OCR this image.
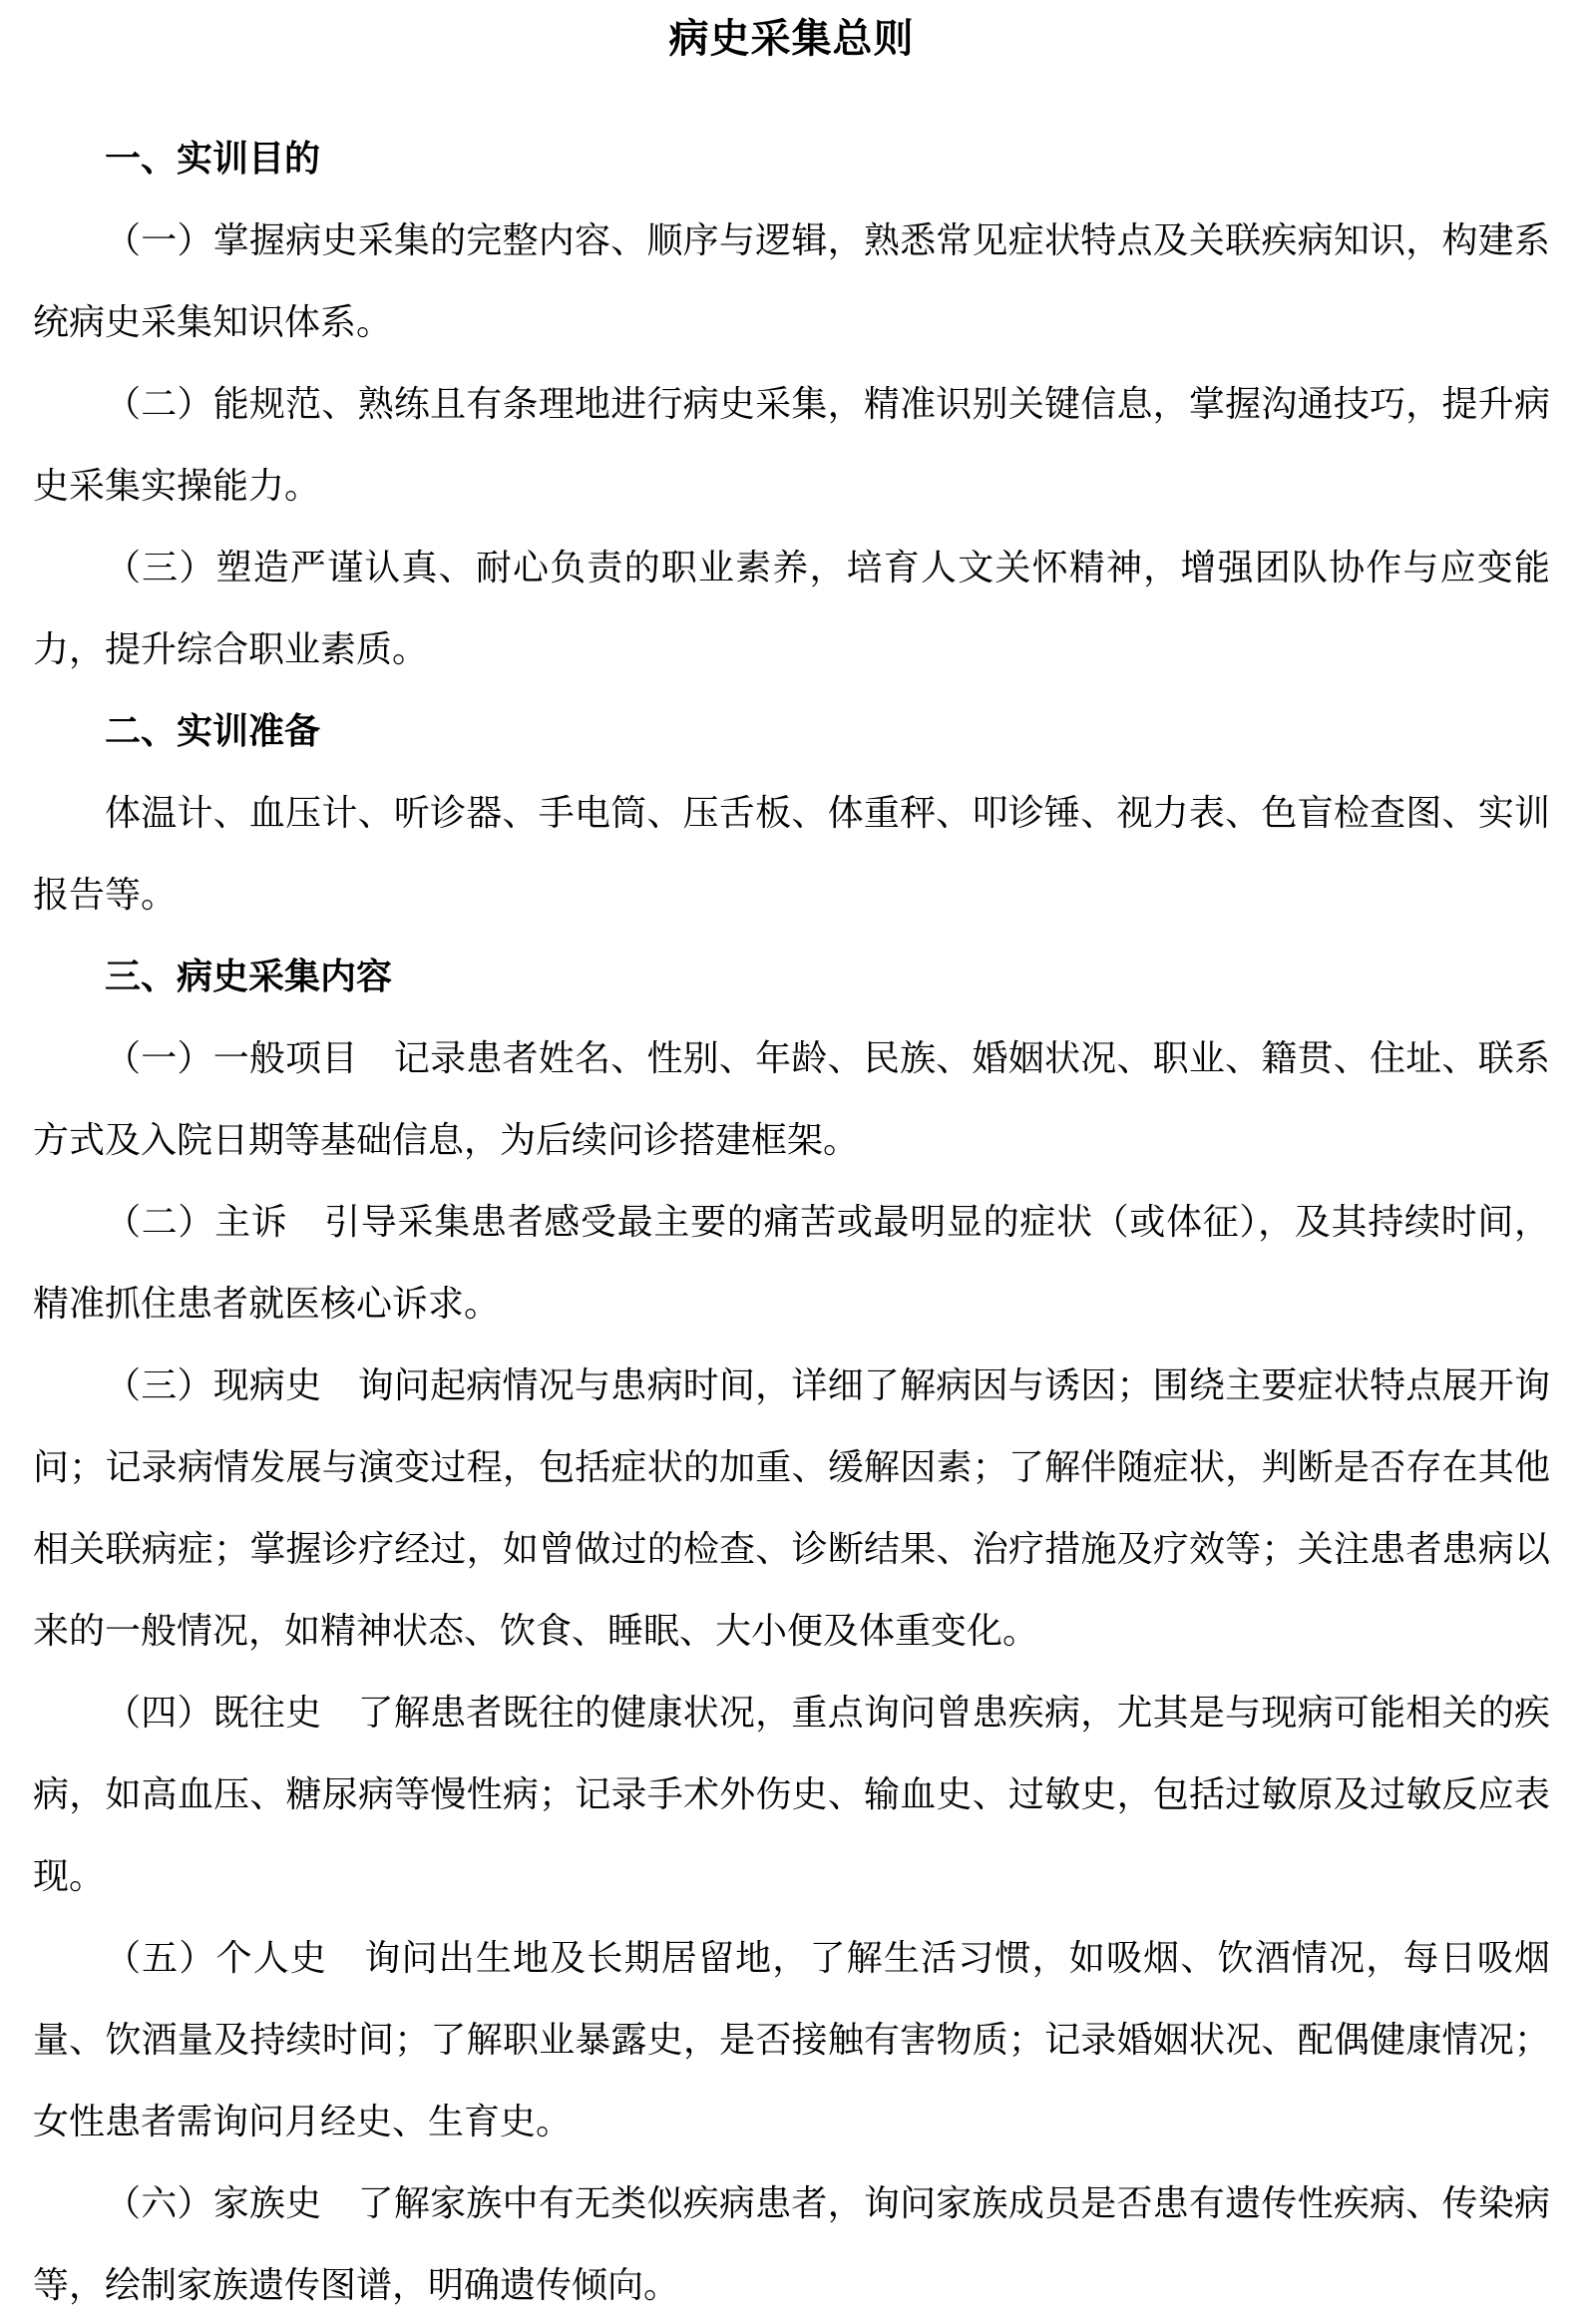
病史采集总则
一、实训目的

（一）掌握病史采集的完整内容、顺序与逻辑，熟悉常见症状特点及关联疾病知识，构建系统病史采集知识体系。

（二）能规范、熟练且有条理地进行病史采集，精准识别关键信息，掌握沟通技巧，提升病史采集实操能力。

（三）塑造严谨认真、耐心负责的职业素养，培育人文关怀精神，增强团队协作与应变能力，提升综合职业素质。

二、实训准备

体温计、血压计、听诊器、手电筒、压舌板、体重秤、叩诊锤、视力表、色盲检查图、实训报告等。

三、病史采集内容

（一）一般项目　记录患者姓名、性别、年龄、民族、婚姻状况、职业、籍贯、住址、联系方式及入院日期等基础信息，为后续问诊搭建框架。

（二）主诉　引导采集患者感受最主要的痛苦或最明显的症状（或体征），及其持续时间，精准抓住患者就医核心诉求。

（三）现病史　询问起病情况与患病时间，详细了解病因与诱因；围绕主要症状特点展开询问；记录病情发展与演变过程，包括症状的加重、缓解因素；了解伴随症状，判断是否存在其他相关联病症；掌握诊疗经过，如曾做过的检查、诊断结果、治疗措施及疗效等；关注患者患病以来的一般情况，如精神状态、饮食、睡眠、大小便及体重变化。

（四）既往史　了解患者既往的健康状况，重点询问曾患疾病，尤其是与现病可能相关的疾病，如高血压、糖尿病等慢性病；记录手术外伤史、输血史、过敏史，包括过敏原及过敏反应表现。

（五）个人史　询问出生地及长期居留地，了解生活习惯，如吸烟、饮酒情况，每日吸烟量、饮酒量及持续时间；了解职业暴露史，是否接触有害物质；记录婚姻状况、配偶健康情况；女性患者需询问月经史、生育史。

（六）家族史　了解家族中有无类似疾病患者，询问家族成员是否患有遗传性疾病、传染病等，绘制家族遗传图谱，明确遗传倾向。
